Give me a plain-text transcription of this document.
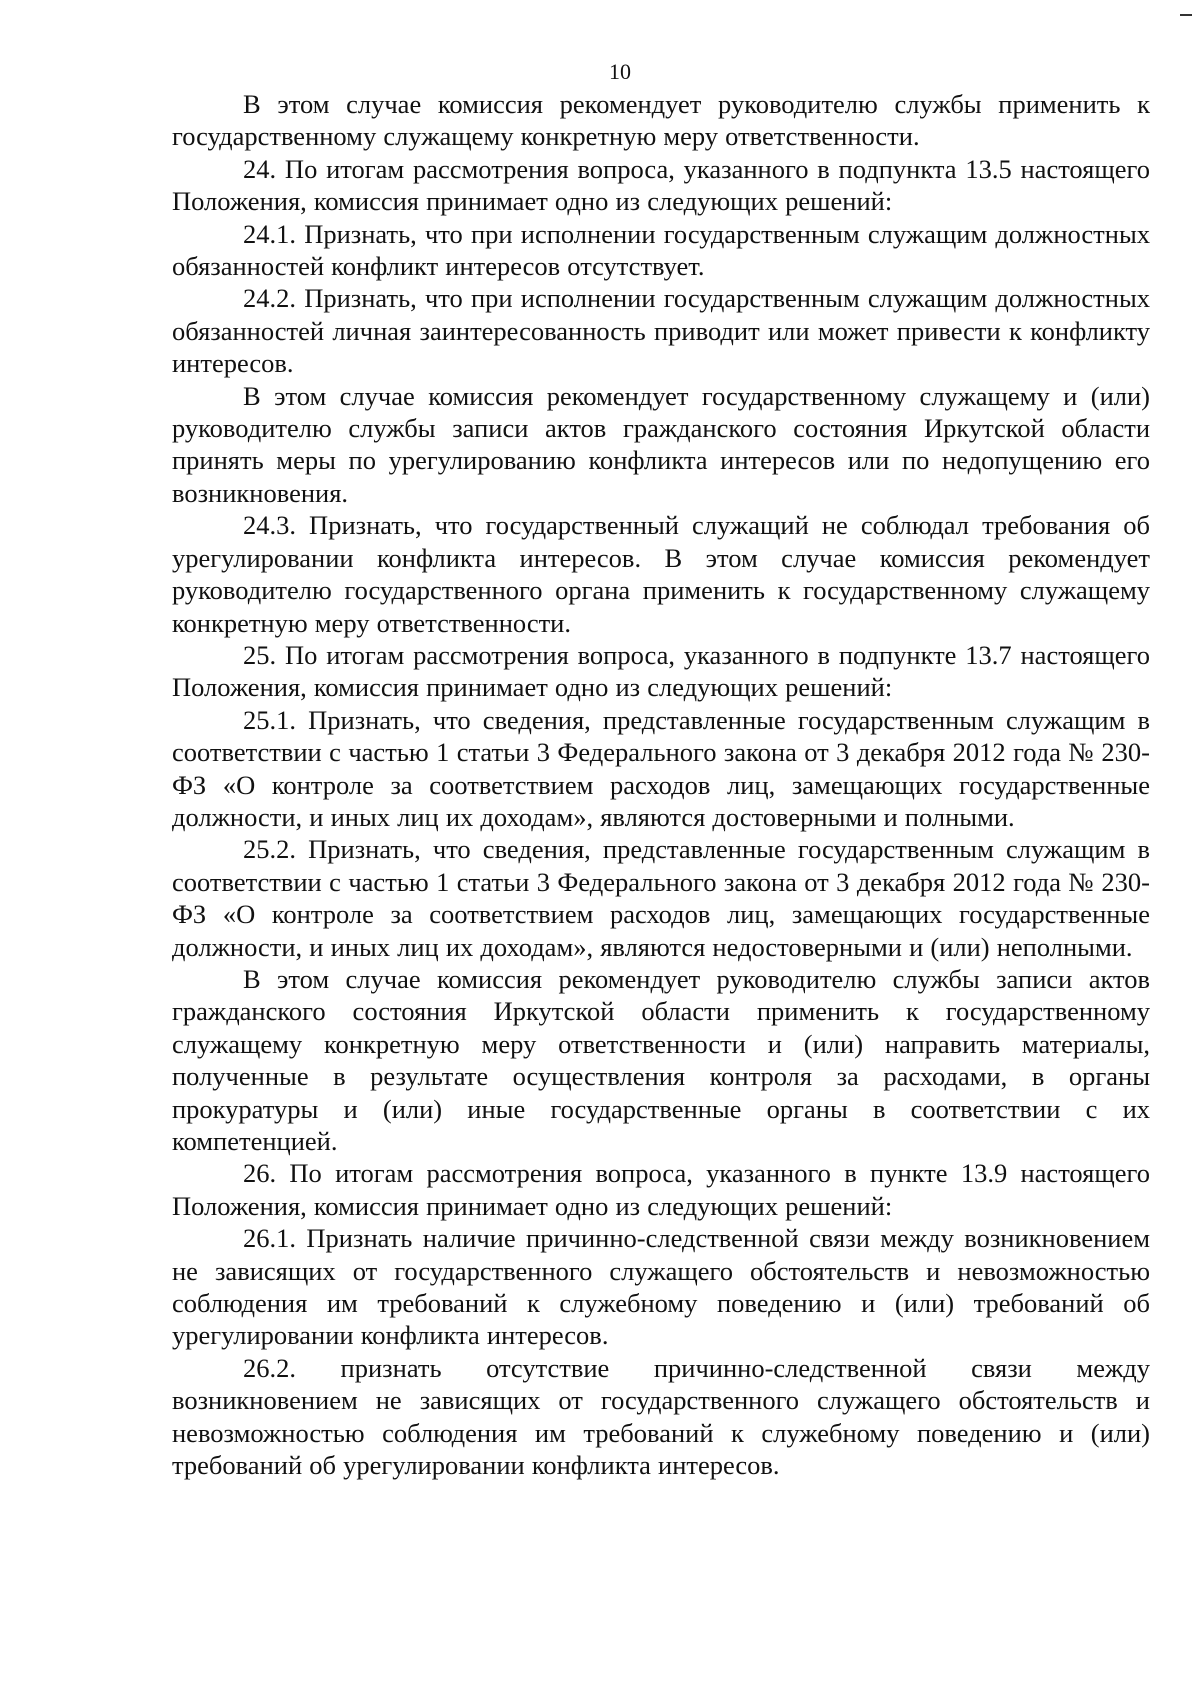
10

В этом случае комиссия рекомендует руководителю службы применить к государственному служащему конкретную меру ответственности.

24. По итогам рассмотрения вопроса, указанного в подпункта 13.5 настоящего Положения, комиссия принимает одно из следующих решений:

24.1. Признать, что при исполнении государственным служащим должностных обязанностей конфликт интересов отсутствует.

24.2. Признать, что при исполнении государственным служащим должностных обязанностей личная заинтересованность приводит или может привести к конфликту интересов.

В этом случае комиссия рекомендует государственному служащему и (или) руководителю службы записи актов гражданского состояния Иркутской области принять меры по урегулированию конфликта интересов или по недопущению его возникновения.

24.3. Признать, что государственный служащий не соблюдал требования об урегулировании конфликта интересов. В этом случае комиссия рекомендует руководителю государственного органа применить к государственному служащему конкретную меру ответственности.

25. По итогам рассмотрения вопроса, указанного в подпункте 13.7 настоящего Положения, комиссия принимает одно из следующих решений:

25.1. Признать, что сведения, представленные государственным служащим в соответствии с частью 1 статьи 3 Федерального закона от 3 декабря 2012 года № 230-ФЗ «О контроле за соответствием расходов лиц, замещающих государственные должности, и иных лиц их доходам», являются достоверными и полными.

25.2. Признать, что сведения, представленные государственным служащим в соответствии с частью 1 статьи 3 Федерального закона от 3 декабря 2012 года № 230-ФЗ «О контроле за соответствием расходов лиц, замещающих государственные должности, и иных лиц их доходам», являются недостоверными и (или) неполными.

В этом случае комиссия рекомендует руководителю службы записи актов гражданского состояния Иркутской области применить к государственному служащему конкретную меру ответственности и (или) направить материалы, полученные в результате осуществления контроля за расходами, в органы прокуратуры и (или) иные государственные органы в соответствии с их компетенцией.

26. По итогам рассмотрения вопроса, указанного в пункте 13.9 настоящего Положения, комиссия принимает одно из следующих решений:

26.1. Признать наличие причинно-следственной связи между возникновением не зависящих от государственного служащего обстоятельств и невозможностью соблюдения им требований к служебному поведению и (или) требований об урегулировании конфликта интересов.

26.2. признать отсутствие причинно-следственной связи между возникновением не зависящих от государственного служащего обстоятельств и невозможностью соблюдения им требований к служебному поведению и (или) требований об урегулировании конфликта интересов.
